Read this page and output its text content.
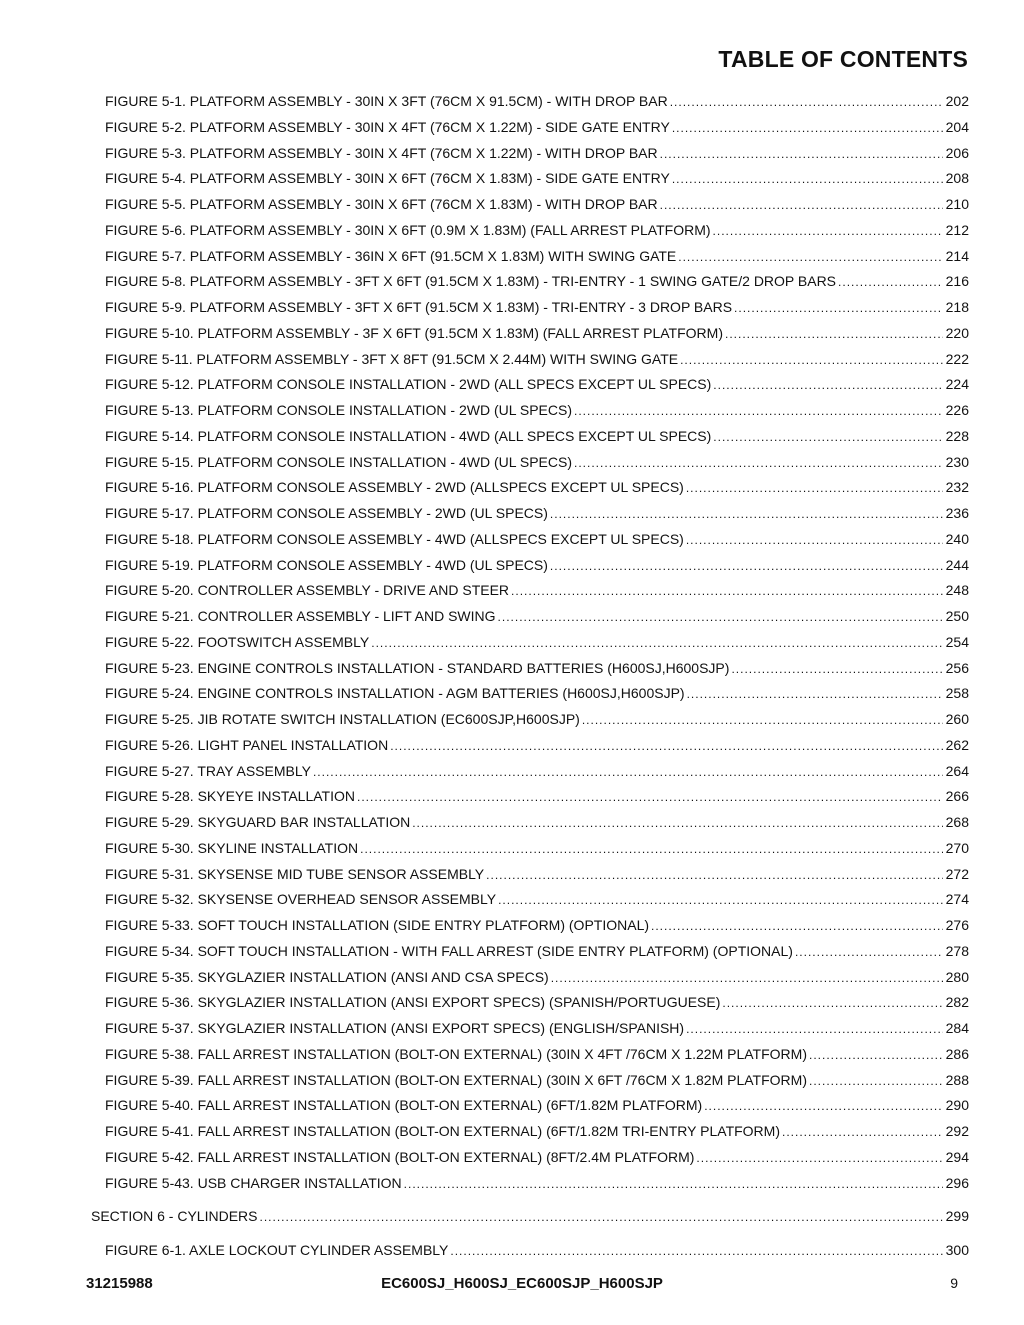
TABLE OF CONTENTS
FIGURE 5-1. PLATFORM ASSEMBLY - 30IN X 3FT (76CM X 91.5CM) - WITH DROP BAR .....	202
FIGURE 5-2. PLATFORM ASSEMBLY - 30IN X 4FT (76CM X 1.22M) - SIDE GATE ENTRY .....	204
FIGURE 5-3. PLATFORM ASSEMBLY - 30IN X 4FT (76CM X 1.22M) - WITH DROP BAR .....	206
FIGURE 5-4. PLATFORM ASSEMBLY - 30IN X 6FT (76CM X 1.83M) - SIDE GATE ENTRY .....	208
FIGURE 5-5. PLATFORM ASSEMBLY - 30IN X 6FT (76CM X 1.83M) - WITH DROP BAR .....	210
FIGURE 5-6. PLATFORM ASSEMBLY - 30IN X 6FT (0.9M X 1.83M) (FALL ARREST PLATFORM) .....	212
FIGURE 5-7. PLATFORM ASSEMBLY - 36IN X 6FT (91.5CM X 1.83M) WITH SWING GATE .....	214
FIGURE 5-8. PLATFORM ASSEMBLY - 3FT X 6FT (91.5CM X 1.83M) - TRI-ENTRY - 1 SWING GATE/2 DROP BARS .....	216
FIGURE 5-9. PLATFORM ASSEMBLY - 3FT X 6FT (91.5CM X 1.83M) - TRI-ENTRY - 3 DROP BARS .....	218
FIGURE 5-10. PLATFORM ASSEMBLY - 3F X 6FT (91.5CM X 1.83M) (FALL ARREST PLATFORM) .....	220
FIGURE 5-11. PLATFORM ASSEMBLY - 3FT X 8FT (91.5CM X 2.44M) WITH SWING GATE .....	222
FIGURE 5-12. PLATFORM CONSOLE INSTALLATION - 2WD (ALL SPECS EXCEPT UL SPECS) .....	224
FIGURE 5-13. PLATFORM CONSOLE INSTALLATION - 2WD (UL SPECS) .....	226
FIGURE 5-14. PLATFORM CONSOLE INSTALLATION - 4WD (ALL SPECS EXCEPT UL SPECS) .....	228
FIGURE 5-15. PLATFORM CONSOLE INSTALLATION - 4WD (UL SPECS) .....	230
FIGURE 5-16. PLATFORM CONSOLE ASSEMBLY - 2WD (ALLSPECS EXCEPT UL SPECS) .....	232
FIGURE 5-17. PLATFORM CONSOLE ASSEMBLY - 2WD (UL SPECS) .....	236
FIGURE 5-18. PLATFORM CONSOLE ASSEMBLY - 4WD (ALLSPECS EXCEPT UL SPECS) .....	240
FIGURE 5-19. PLATFORM CONSOLE ASSEMBLY - 4WD (UL SPECS) .....	244
FIGURE 5-20. CONTROLLER ASSEMBLY - DRIVE AND STEER .....	248
FIGURE 5-21. CONTROLLER ASSEMBLY - LIFT AND SWING .....	250
FIGURE 5-22. FOOTSWITCH ASSEMBLY .....	254
FIGURE 5-23. ENGINE CONTROLS INSTALLATION - STANDARD BATTERIES (H600SJ,H600SJP) .....	256
FIGURE 5-24. ENGINE CONTROLS INSTALLATION - AGM BATTERIES (H600SJ,H600SJP) .....	258
FIGURE 5-25. JIB ROTATE SWITCH INSTALLATION (EC600SJP,H600SJP) .....	260
FIGURE 5-26. LIGHT PANEL INSTALLATION .....	262
FIGURE 5-27. TRAY ASSEMBLY .....	264
FIGURE 5-28. SKYEYE INSTALLATION .....	266
FIGURE 5-29. SKYGUARD BAR INSTALLATION .....	268
FIGURE 5-30. SKYLINE INSTALLATION .....	270
FIGURE 5-31. SKYSENSE MID TUBE SENSOR ASSEMBLY .....	272
FIGURE 5-32. SKYSENSE OVERHEAD SENSOR ASSEMBLY .....	274
FIGURE 5-33. SOFT TOUCH INSTALLATION (SIDE ENTRY PLATFORM) (OPTIONAL) .....	276
FIGURE 5-34. SOFT TOUCH INSTALLATION - WITH FALL ARREST (SIDE ENTRY PLATFORM) (OPTIONAL) .....	278
FIGURE 5-35. SKYGLAZIER INSTALLATION (ANSI AND CSA SPECS) .....	280
FIGURE 5-36. SKYGLAZIER INSTALLATION (ANSI EXPORT SPECS) (SPANISH/PORTUGUESE) .....	282
FIGURE 5-37. SKYGLAZIER INSTALLATION (ANSI EXPORT SPECS) (ENGLISH/SPANISH) .....	284
FIGURE 5-38. FALL ARREST INSTALLATION (BOLT-ON EXTERNAL) (30IN X 4FT /76CM X 1.22M PLATFORM) .....	286
FIGURE 5-39. FALL ARREST INSTALLATION (BOLT-ON EXTERNAL) (30IN X 6FT /76CM X 1.82M PLATFORM) .....	288
FIGURE 5-40. FALL ARREST INSTALLATION (BOLT-ON EXTERNAL) (6FT/1.82M PLATFORM) .....	290
FIGURE 5-41. FALL ARREST INSTALLATION (BOLT-ON EXTERNAL) (6FT/1.82M TRI-ENTRY PLATFORM) .....	292
FIGURE 5-42. FALL ARREST INSTALLATION (BOLT-ON EXTERNAL) (8FT/2.4M PLATFORM) .....	294
FIGURE 5-43. USB CHARGER INSTALLATION .....	296
SECTION 6 - CYLINDERS .....	299
FIGURE 6-1. AXLE LOCKOUT CYLINDER ASSEMBLY .....	300
31215988	EC600SJ_H600SJ_EC600SJP_H600SJP	9
